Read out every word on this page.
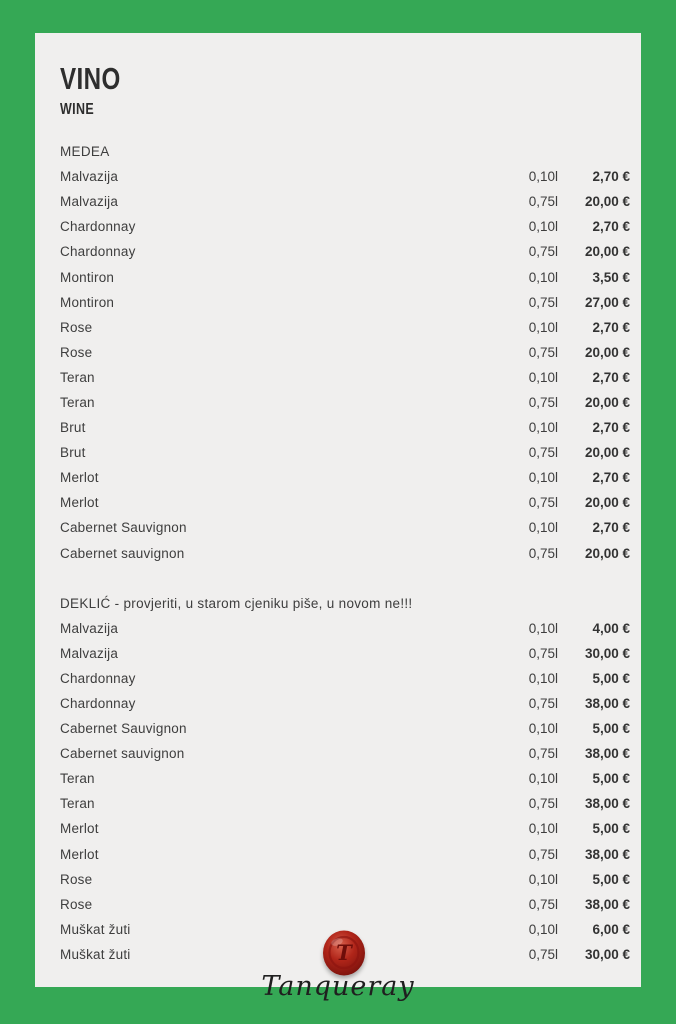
VINO
WINE
MEDEA
Malvazija	0,10l	2,70 €
Malvazija	0,75l	20,00 €
Chardonnay	0,10l	2,70 €
Chardonnay	0,75l	20,00 €
Montiron	0,10l	3,50 €
Montiron	0,75l	27,00 €
Rose	0,10l	2,70 €
Rose	0,75l	20,00 €
Teran	0,10l	2,70 €
Teran	0,75l	20,00 €
Brut	0,10l	2,70 €
Brut	0,75l	20,00 €
Merlot	0,10l	2,70 €
Merlot	0,75l	20,00 €
Cabernet Sauvignon	0,10l	2,70 €
Cabernet sauvignon	0,75l	20,00 €
DEKLIĆ - provjeriti, u starom cjeniku piše, u novom ne!!!
Malvazija	0,10l	4,00 €
Malvazija	0,75l	30,00 €
Chardonnay	0,10l	5,00 €
Chardonnay	0,75l	38,00 €
Cabernet Sauvignon	0,10l	5,00 €
Cabernet sauvignon	0,75l	38,00 €
Teran	0,10l	5,00 €
Teran	0,75l	38,00 €
Merlot	0,10l	5,00 €
Merlot	0,75l	38,00 €
Rose	0,10l	5,00 €
Rose	0,75l	38,00 €
Muškat žuti	0,10l	6,00 €
Muškat žuti	0,75l	30,00 €
T
Tanqueray
